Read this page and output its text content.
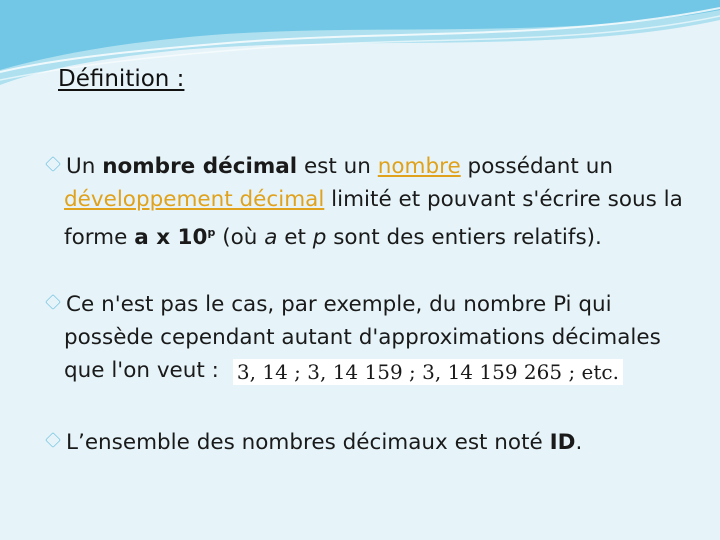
Définition :
Un nombre décimal est un nombre possédant un
développement décimal limité et pouvant s'écrire sous la
forme a x 10$^p$ (où a et p sont des entiers relatifs).
Ce n'est pas le cas, par exemple, du nombre Pi qui
possède cependant autant d'approximations décimales
que l'on veut : 3, 14 ; 3, 14 159 ; 3, 14 159 265 ; etc.
L’ensemble des nombres décimaux est noté ID.
